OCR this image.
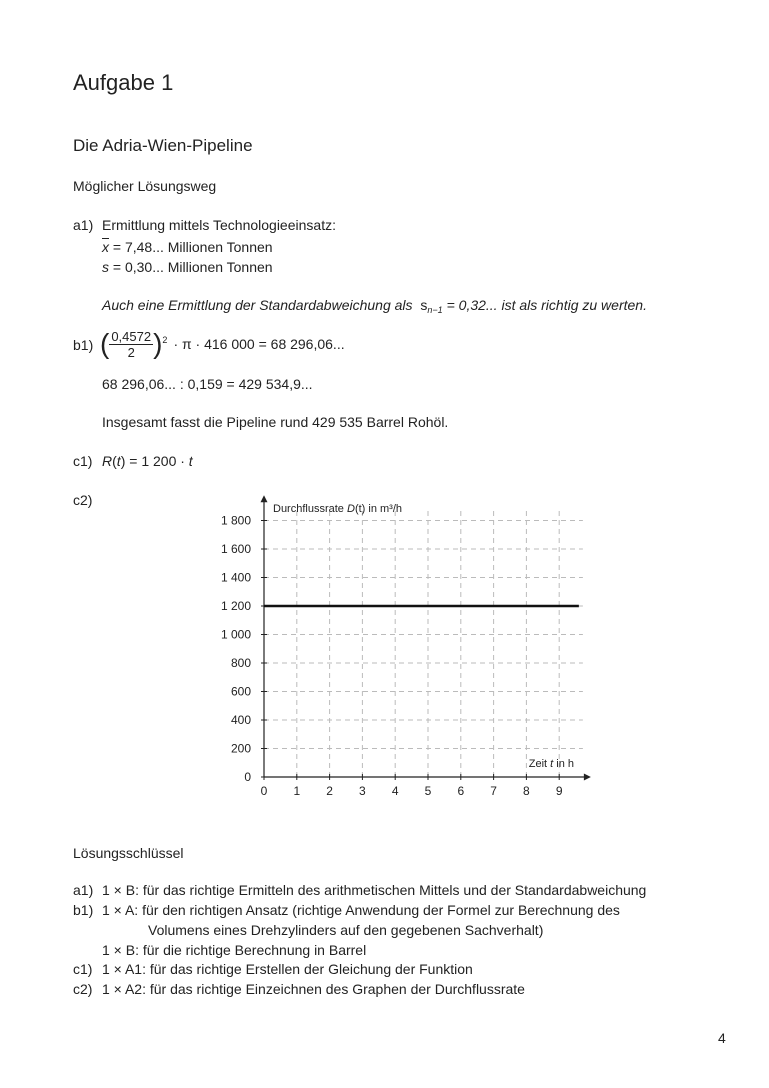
Aufgabe 1
Die Adria-Wien-Pipeline
Möglicher Lösungsweg
a1) Ermittlung mittels Technologieeinsatz:
$\overline{x} = 7,48$... Millionen Tonnen
s = 0,30... Millionen Tonnen
Auch eine Ermittlung der Standardabweichung als $s_{n-1} = 0,32$... ist als richtig zu werten.
b1) ( $\frac{0,4572}{2} )^2 \cdot \pi \cdot 416$ 000 = 68 296,06...
68 296,06... : 0,159 = 429 534,9...
Insgesamt fasst die Pipeline rund 429 535 Barrel Rohöl.
c1) R(t) = 1 200 · t
c2)
0 1 2 3 4 5 6 7 8 9
0
200
400
600
800
1 000
1 200
1 400
1 600
1 800
Durchflussrate D(t) in m³/h
Zeit t in h
Lösungsschlüssel
a1) 1 × B: für das richtige Ermitteln des arithmetischen Mittels und der Standardabweichung
b1) 1 × A: für den richtigen Ansatz (richtige Anwendung der Formel zur Berechnung des
Volumens eines Drehzylinders auf den gegebenen Sachverhalt)
1 × B: für die richtige Berechnung in Barrel
c1) 1 × A1: für das richtige Erstellen der Gleichung der Funktion
c2) 1 × A2: für das richtige Einzeichnen des Graphen der Durchflussrate
4
